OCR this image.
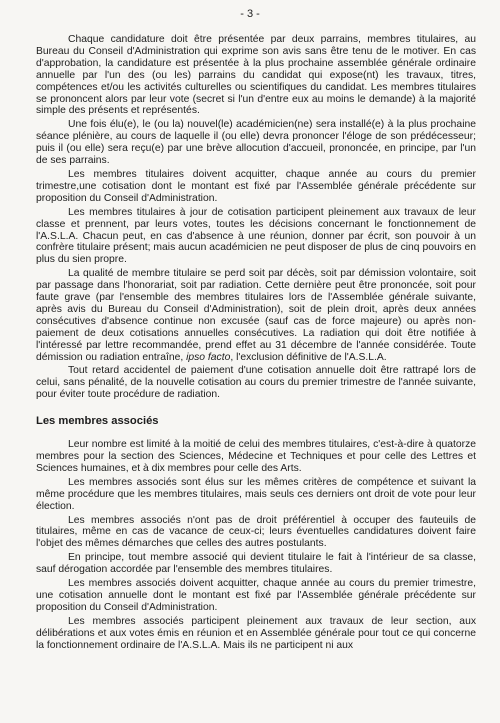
- 3 -

Chaque candidature doit être présentée par deux parrains, membres titulaires, au Bureau du Conseil d'Administration qui exprime son avis sans être tenu de le motiver. En cas d'approbation, la candidature est présentée à la plus prochaine assemblée générale ordinaire annuelle par l'un des (ou les) parrains du candidat qui expose(nt) les travaux, titres, compétences et/ou les activités culturelles ou scientifiques du candidat. Les membres titulaires se prononcent alors par leur vote (secret si l'un d'entre eux au moins le demande) à la majorité simple des présents et représentés.

Une fois élu(e), le (ou la) nouvel(le) académicien(ne) sera installé(e) à la plus prochaine séance plénière, au cours de laquelle il (ou elle) devra prononcer l'éloge de son prédécesseur; puis il (ou elle) sera reçu(e) par une brève allocution d'accueil, prononcée, en principe, par l'un de ses parrains.

Les membres titulaires doivent acquitter, chaque année au cours du premier trimestre,une cotisation dont le montant est fixé par l'Assemblée générale précédente sur proposition du Conseil d'Administration.

Les membres titulaires à jour de cotisation participent pleinement aux travaux de leur classe et prennent, par leurs votes, toutes les décisions concernant le fonctionnement de l'A.S.L.A. Chacun peut, en cas d'absence à une réunion, donner par écrit, son pouvoir à un confrère titulaire présent; mais aucun académicien ne peut disposer de plus de cinq pouvoirs en plus du sien propre.

La qualité de membre titulaire se perd soit par décès, soit par démission volontaire, soit par passage dans l'honorariat, soit par radiation. Cette dernière peut être prononcée, soit pour faute grave (par l'ensemble des membres titulaires lors de l'Assemblée générale suivante, après avis du Bureau du Conseil d'Administration), soit de plein droit, après deux années consécutives d'absence continue non excusée (sauf cas de force majeure) ou après non-paiement de deux cotisations annuelles consécutives. La radiation qui doit être notifiée à l'intéressé par lettre recommandée, prend effet au 31 décembre de l'année considérée. Toute démission ou radiation entraîne, ipso facto, l'exclusion définitive de l'A.S.L.A.

Tout retard accidentel de paiement d'une cotisation annuelle doit être rattrapé lors de celui, sans pénalité, de la nouvelle cotisation au cours du premier trimestre de l'année suivante, pour éviter toute procédure de radiation.

Les membres associés

Leur nombre est limité à la moitié de celui des membres titulaires, c'est-à-dire à quatorze membres pour la section des Sciences, Médecine et Techniques et pour celle des Lettres et Sciences humaines, et à dix membres pour celle des Arts.

Les membres associés sont élus sur les mêmes critères de compétence et suivant la même procédure que les membres titulaires, mais seuls ces derniers ont droit de vote pour leur élection.

Les membres associés n'ont pas de droit préférentiel à occuper des fauteuils de titulaires, même en cas de vacance de ceux-ci; leurs éventuelles candidatures doivent faire l'objet des mêmes démarches que celles des autres postulants.

En principe, tout membre associé qui devient titulaire le fait à l'intérieur de sa classe, sauf dérogation accordée par l'ensemble des membres titulaires.

Les membres associés doivent acquitter, chaque année au cours du premier trimestre, une cotisation annuelle dont le montant est fixé par l'Assemblée générale précédente sur proposition du Conseil d'Administration.

Les membres associés participent pleinement aux travaux de leur section, aux délibérations et aux votes émis en réunion et en Assemblée générale pour tout ce qui concerne la fonctionnement ordinaire de l'A.S.L.A. Mais ils ne participent ni aux
